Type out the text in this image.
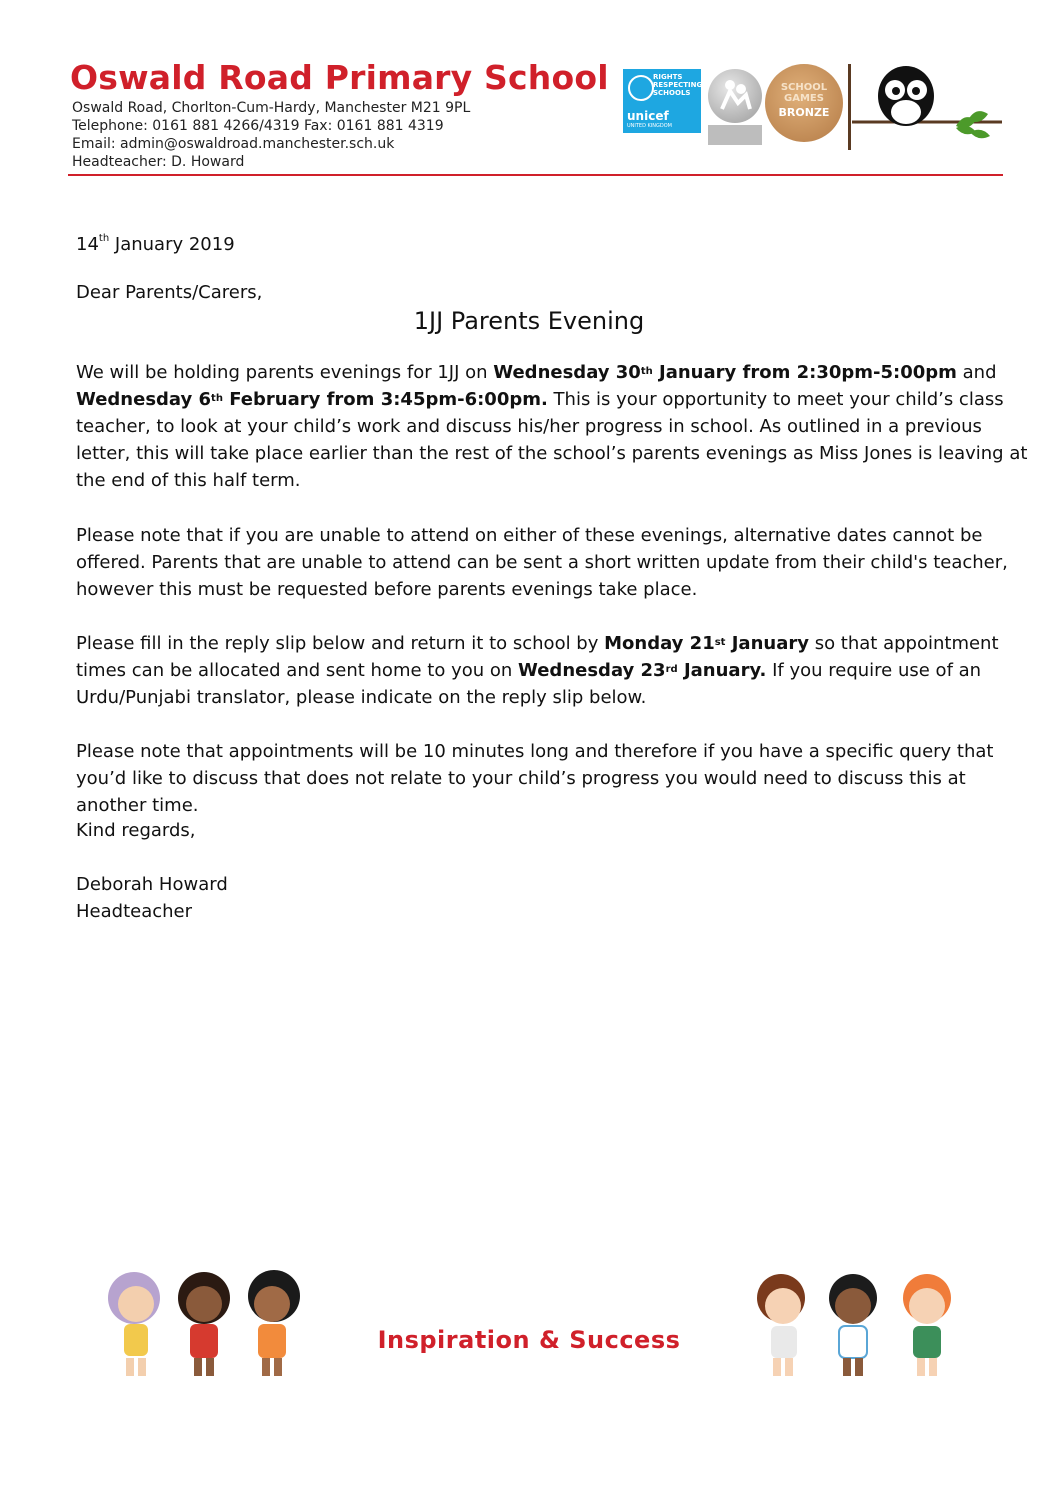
Oswald Road Primary School
Oswald Road, Chorlton-Cum-Hardy, Manchester M21 9PL
Telephone: 0161 881 4266/4319 Fax: 0161 881 4319
Email: admin@oswaldroad.manchester.sch.uk
Headteacher: D. Howard
RIGHTS RESPECTING SCHOOLS
unicef
UNITED KINGDOM
SCHOOL GAMES
BRONZE
14th January 2019
Dear Parents/Carers,
1JJ Parents Evening
We will be holding parents evenings for 1JJ on Wednesday 30th January from 2:30pm-5:00pm and Wednesday 6th February from 3:45pm-6:00pm. This is your opportunity to meet your child’s class teacher, to look at your child’s work and discuss his/her progress in school. As outlined in a previous letter, this will take place earlier than the rest of the school’s parents evenings as Miss Jones is leaving at the end of this half term.
Please note that if you are unable to attend on either of these evenings, alternative dates cannot be offered. Parents that are unable to attend can be sent a short written update from their child's teacher, however this must be requested before parents evenings take place.
Please fill in the reply slip below and return it to school by Monday 21st January so that appointment times can be allocated and sent home to you on Wednesday 23rd January. If you require use of an Urdu/Punjabi translator, please indicate on the reply slip below.
Please note that appointments will be 10 minutes long and therefore if you have a specific query that you’d like to discuss that does not relate to your child’s progress you would need to discuss this at another time.
Kind regards,
Deborah Howard
Headteacher
Inspiration & Success
